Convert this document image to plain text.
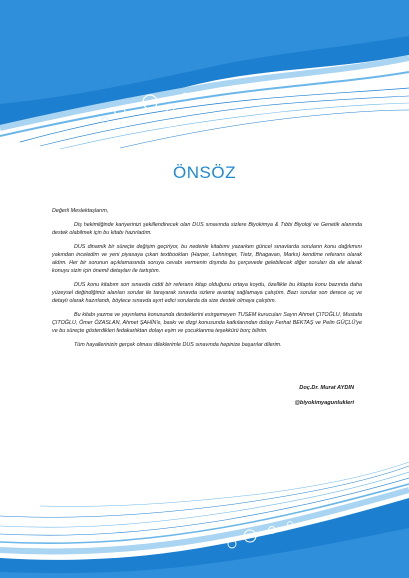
ÖNSÖZ

Değerli Meslektaşlarım,

Diş hekimliğinde kariyerinizi şekillendirecek olan DUS sınavında sizlere Biyokimya & Tıbbi Biyoloji ve Genetik alanında destek olabilmek için bu kitabı hazırladım.

DUS dinamik bir süreçte değişim geçiriyor, bu nedenle kitabımı yazarken güncel sınavlarda soruların konu dağılımını yakından inceledim ve yeni piyasaya çıkan textbookları (Harper, Lehninger, Tietz, Bhagavan, Marks) kendime referans olarak aldım. Her bir sorunun açıklamasında soruya cevabı vermenin dışında bu çerçevede gelebilecek diğer soruları da ele alarak konuyu sizin için önemli detayları ile tartıştım.

DUS konu kitabım son sınavda ciddi bir referans kitap olduğunu ortaya koydu, özellikle bu kitapta konu bazında daha yüzeysel değindiğimiz alanları sorular ile tarayarak sınavda sizlere avantaj sağlamaya çalıştım. Bazı sorular son derece uç ve detaylı olarak hazırlandı, böylece sınavda ayırt edici sorularda da size destek olmaya çalıştım.

Bu kitabı yazma ve yayınlama konusunda desteklerini esirgemeyen TUSEM kurucuları Sayın Ahmet ÇITOĞLU, Mustafa ÇITOĞLU, Ömer ÖZASLAN, Ahmet ŞAHİN'e, baskı ve dizgi konusunda katkılarından dolayı Ferhat BEKTAŞ ve Pelin GÜÇLÜ'ye ve bu süreçte gösterdikleri fedakarlıktan dolayı eşim ve çocuklarıma teşekkürü borç bilirim.

Tüm hayallerinizin gerçek olması dileklerimle DUS sınavında hepinize başarılar dilerim.

Doç.Dr. Murat AYDIN
@biyokimyagunlukleri
